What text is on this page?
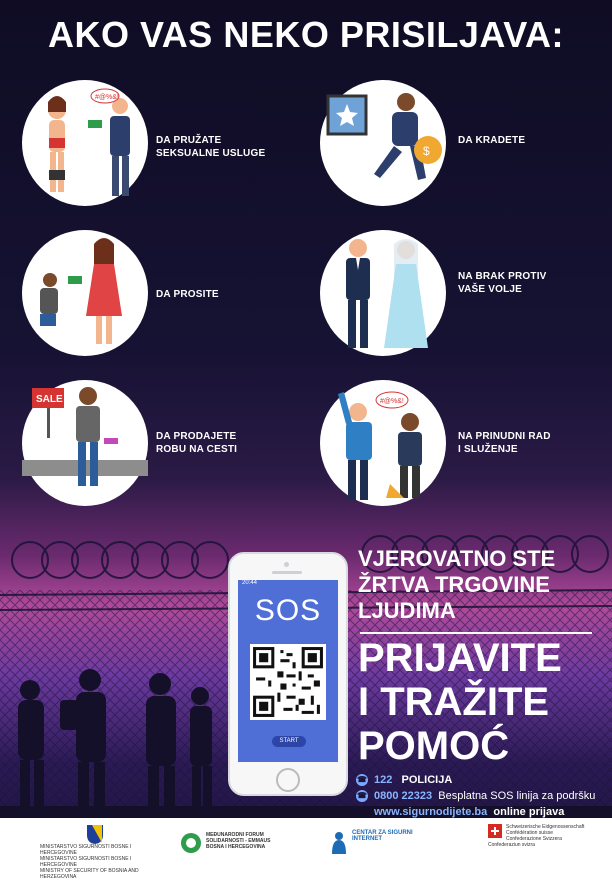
AKO VAS NEKO PRISILJAVA:
#@%&!
DA PRUŽATE
SEKSUALNE USLUGE	$
DA KRADETE
DA PROSITE
NA BRAK PROTIV
VAŠE VOLJE
SALE
DA PRODAJETE
ROBU NA CESTI
#@%&!
NA PRINUDNI RAD
I SLUŽENJE
20:44
SOS
START
VJEROVATNO STE
ŽRTVA TRGOVINE
LJUDIMA
PRIJAVITE
I TRAŽITE
POMOĆ
☎ 122 POLICIJA
☎ 0800 22323 Besplatna SOS linija za podršku
www.sigurnodijete.ba online prijava
MINISTARSTVO SIGURNOSTI BOSNE I HERCEGOVINE
MINISTARSTVO SIGURNOSTI BOSNE I HERCEGOVINE
MINISTRY OF SECURITY OF BOSNIA AND HERZEGOVINA
MEĐUNARODNI FORUM SOLIDARNOSTI - EMMAUS
BOSNA I HERCEGOVINA
CENTAR ZA SIGURNI INTERNET
Schweizerische Eidgenossenschaft
Confédération suisse
Confederazione Svizzera
Confederaziun svizra
